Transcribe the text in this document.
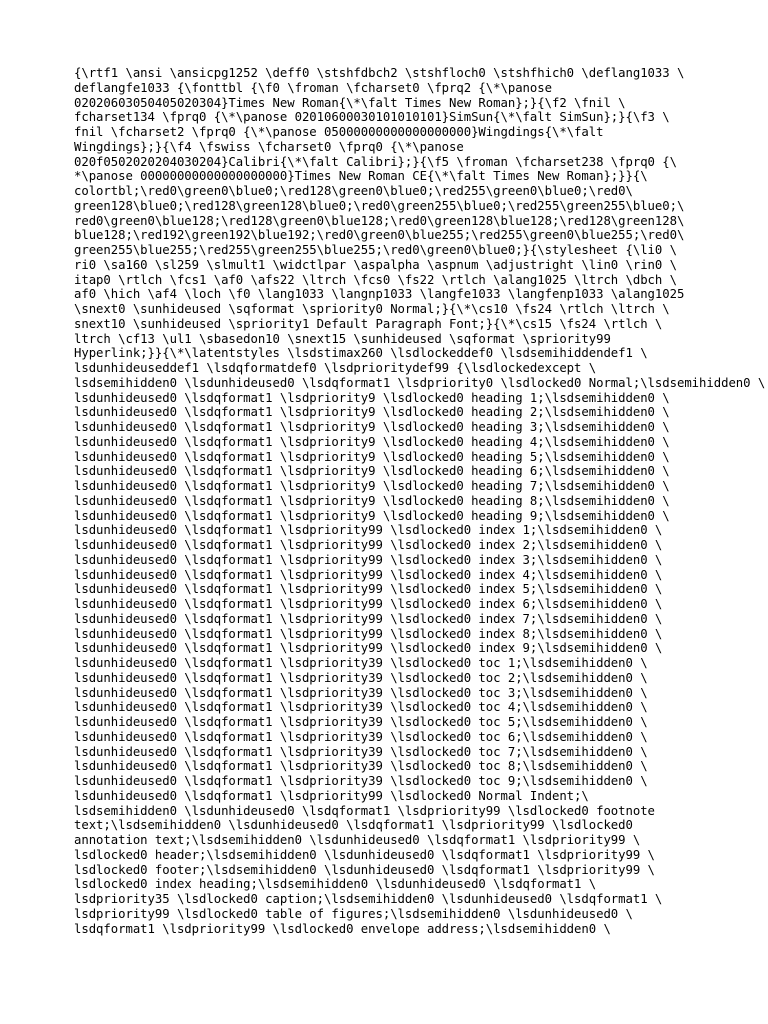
{\rtf1 \ansi \ansicpg1252 \deff0 \stshfdbch2 \stshfloch0 \stshfhich0 \deflang1033 \
deflangfe1033 {\fonttbl {\f0 \froman \fcharset0 \fprq2 {\*\panose
02020603050405020304}Times New Roman{\*\falt Times New Roman};}{\f2 \fnil \
fcharset134 \fprq0 {\*\panose 02010600030101010101}SimSun{\*\falt SimSun};}{\f3 \
fnil \fcharset2 \fprq0 {\*\panose 05000000000000000000}Wingdings{\*\falt
Wingdings};}{\f4 \fswiss \fcharset0 \fprq0 {\*\panose
020f0502020204030204}Calibri{\*\falt Calibri};}{\f5 \froman \fcharset238 \fprq0 {\
*\panose 00000000000000000000}Times New Roman CE{\*\falt Times New Roman};}}{\
colortbl;\red0\green0\blue0;\red128\green0\blue0;\red255\green0\blue0;\red0\
green128\blue0;\red128\green128\blue0;\red0\green255\blue0;\red255\green255\blue0;\
red0\green0\blue128;\red128\green0\blue128;\red0\green128\blue128;\red128\green128\
blue128;\red192\green192\blue192;\red0\green0\blue255;\red255\green0\blue255;\red0\
green255\blue255;\red255\green255\blue255;\red0\green0\blue0;}{\stylesheet {\li0 \
ri0 \sa160 \sl259 \slmult1 \widctlpar \aspalpha \aspnum \adjustright \lin0 \rin0 \
itap0 \rtlch \fcs1 \af0 \afs22 \ltrch \fcs0 \fs22 \rtlch \alang1025 \ltrch \dbch \
af0 \hich \af4 \loch \f0 \lang1033 \langnp1033 \langfe1033 \langfenp1033 \alang1025
\snext0 \sunhideused \sqformat \spriority0 Normal;}{\*\cs10 \fs24 \rtlch \ltrch \
snext10 \sunhideused \spriority1 Default Paragraph Font;}{\*\cs15 \fs24 \rtlch \
ltrch \cf13 \ul1 \sbasedon10 \snext15 \sunhideused \sqformat \spriority99
Hyperlink;}}{\*\latentstyles \lsdstimax260 \lsdlockeddef0 \lsdsemihiddendef1 \
lsdunhideuseddef1 \lsdqformatdef0 \lsdprioritydef99 {\lsdlockedexcept \
lsdsemihidden0 \lsdunhideused0 \lsdqformat1 \lsdpriority0 \lsdlocked0 Normal;\lsdsemihidden0 \
lsdunhideused0 \lsdqformat1 \lsdpriority9 \lsdlocked0 heading 1;\lsdsemihidden0 \
lsdunhideused0 \lsdqformat1 \lsdpriority9 \lsdlocked0 heading 2;\lsdsemihidden0 \
lsdunhideused0 \lsdqformat1 \lsdpriority9 \lsdlocked0 heading 3;\lsdsemihidden0 \
lsdunhideused0 \lsdqformat1 \lsdpriority9 \lsdlocked0 heading 4;\lsdsemihidden0 \
lsdunhideused0 \lsdqformat1 \lsdpriority9 \lsdlocked0 heading 5;\lsdsemihidden0 \
lsdunhideused0 \lsdqformat1 \lsdpriority9 \lsdlocked0 heading 6;\lsdsemihidden0 \
lsdunhideused0 \lsdqformat1 \lsdpriority9 \lsdlocked0 heading 7;\lsdsemihidden0 \
lsdunhideused0 \lsdqformat1 \lsdpriority9 \lsdlocked0 heading 8;\lsdsemihidden0 \
lsdunhideused0 \lsdqformat1 \lsdpriority9 \lsdlocked0 heading 9;\lsdsemihidden0 \
lsdunhideused0 \lsdqformat1 \lsdpriority99 \lsdlocked0 index 1;\lsdsemihidden0 \
lsdunhideused0 \lsdqformat1 \lsdpriority99 \lsdlocked0 index 2;\lsdsemihidden0 \
lsdunhideused0 \lsdqformat1 \lsdpriority99 \lsdlocked0 index 3;\lsdsemihidden0 \
lsdunhideused0 \lsdqformat1 \lsdpriority99 \lsdlocked0 index 4;\lsdsemihidden0 \
lsdunhideused0 \lsdqformat1 \lsdpriority99 \lsdlocked0 index 5;\lsdsemihidden0 \
lsdunhideused0 \lsdqformat1 \lsdpriority99 \lsdlocked0 index 6;\lsdsemihidden0 \
lsdunhideused0 \lsdqformat1 \lsdpriority99 \lsdlocked0 index 7;\lsdsemihidden0 \
lsdunhideused0 \lsdqformat1 \lsdpriority99 \lsdlocked0 index 8;\lsdsemihidden0 \
lsdunhideused0 \lsdqformat1 \lsdpriority99 \lsdlocked0 index 9;\lsdsemihidden0 \
lsdunhideused0 \lsdqformat1 \lsdpriority39 \lsdlocked0 toc 1;\lsdsemihidden0 \
lsdunhideused0 \lsdqformat1 \lsdpriority39 \lsdlocked0 toc 2;\lsdsemihidden0 \
lsdunhideused0 \lsdqformat1 \lsdpriority39 \lsdlocked0 toc 3;\lsdsemihidden0 \
lsdunhideused0 \lsdqformat1 \lsdpriority39 \lsdlocked0 toc 4;\lsdsemihidden0 \
lsdunhideused0 \lsdqformat1 \lsdpriority39 \lsdlocked0 toc 5;\lsdsemihidden0 \
lsdunhideused0 \lsdqformat1 \lsdpriority39 \lsdlocked0 toc 6;\lsdsemihidden0 \
lsdunhideused0 \lsdqformat1 \lsdpriority39 \lsdlocked0 toc 7;\lsdsemihidden0 \
lsdunhideused0 \lsdqformat1 \lsdpriority39 \lsdlocked0 toc 8;\lsdsemihidden0 \
lsdunhideused0 \lsdqformat1 \lsdpriority39 \lsdlocked0 toc 9;\lsdsemihidden0 \
lsdunhideused0 \lsdqformat1 \lsdpriority99 \lsdlocked0 Normal Indent;\
lsdsemihidden0 \lsdunhideused0 \lsdqformat1 \lsdpriority99 \lsdlocked0 footnote
text;\lsdsemihidden0 \lsdunhideused0 \lsdqformat1 \lsdpriority99 \lsdlocked0
annotation text;\lsdsemihidden0 \lsdunhideused0 \lsdqformat1 \lsdpriority99 \
lsdlocked0 header;\lsdsemihidden0 \lsdunhideused0 \lsdqformat1 \lsdpriority99 \
lsdlocked0 footer;\lsdsemihidden0 \lsdunhideused0 \lsdqformat1 \lsdpriority99 \
lsdlocked0 index heading;\lsdsemihidden0 \lsdunhideused0 \lsdqformat1 \
lsdpriority35 \lsdlocked0 caption;\lsdsemihidden0 \lsdunhideused0 \lsdqformat1 \
lsdpriority99 \lsdlocked0 table of figures;\lsdsemihidden0 \lsdunhideused0 \
lsdqformat1 \lsdpriority99 \lsdlocked0 envelope address;\lsdsemihidden0 \
